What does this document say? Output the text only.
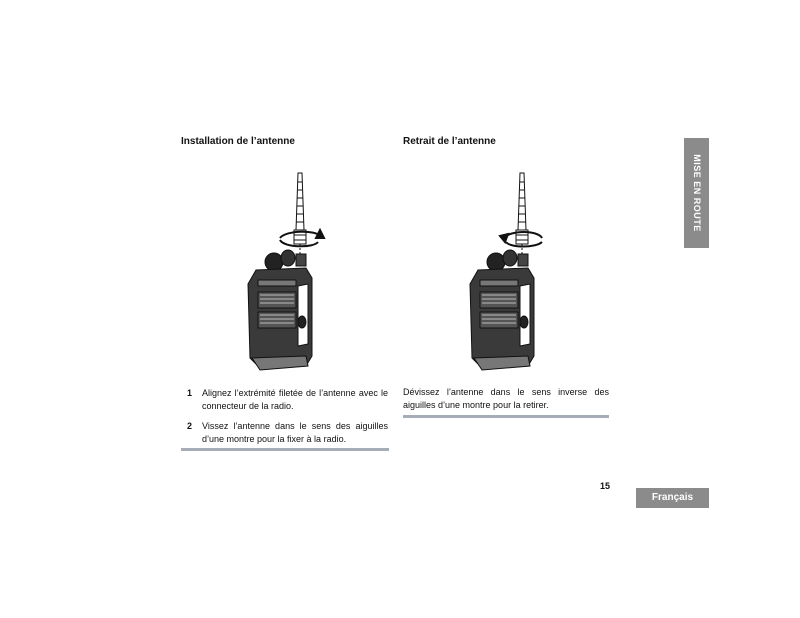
Installation de l’antenne	Retrait de l’antenne
1 Alignez l’extrémité filetée de l’antenne avec le connecteur de la radio.
2 Vissez l’antenne dans le sens des aiguilles d’une montre pour la fixer à la radio.
Dévissez l’antenne dans le sens inverse des aiguilles d’une montre pour la retirer.
15
Français
MISE EN ROUTE
